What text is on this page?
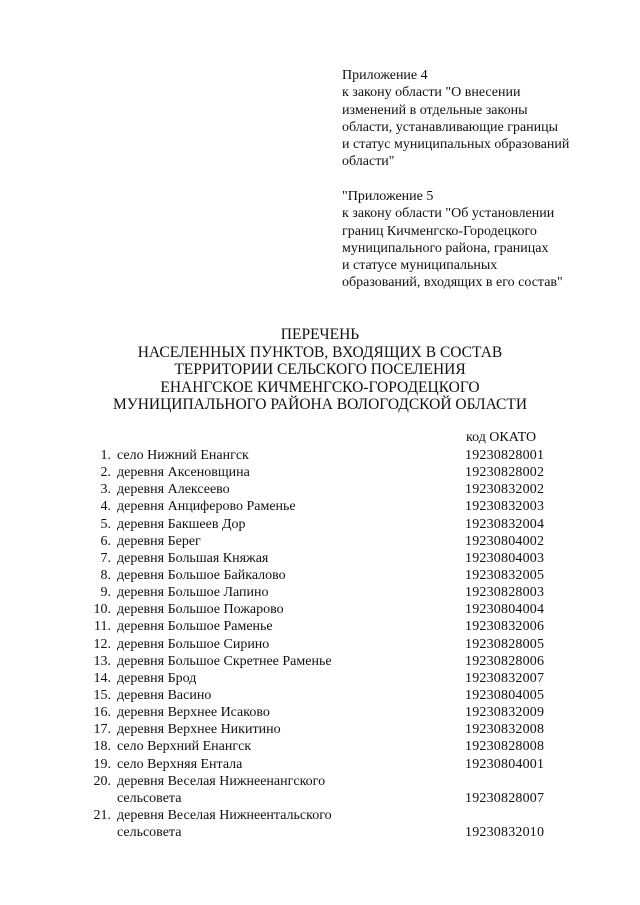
Приложение 4
к закону области "О внесении
изменений в отдельные законы
области, устанавливающие границы
и статус муниципальных образований
области"
"Приложение 5
к закону области "Об установлении
границ Кичменгско-Городецкого
муниципального района, границах
и статусе муниципальных
образований, входящих в его состав"
ПЕРЕЧЕНЬ
НАСЕЛЕННЫХ ПУНКТОВ, ВХОДЯЩИХ В СОСТАВ
ТЕРРИТОРИИ СЕЛЬСКОГО ПОСЕЛЕНИЯ
ЕНАНГСКОЕ КИЧМЕНГСКО-ГОРОДЕЦКОГО
МУНИЦИПАЛЬНОГО РАЙОНА ВОЛОГОДСКОЙ ОБЛАСТИ
код ОКАТО
1. село Нижний Енангск	19230828001
2. деревня Аксеновщина	19230828002
3. деревня Алексеево	19230832002
4. деревня Анциферово Раменье	19230832003
5. деревня Бакшеев Дор	19230832004
6. деревня Берег	19230804002
7. деревня Большая Княжая	19230804003
8. деревня Большое Байкалово	19230832005
9. деревня Большое Лапино	19230828003
10. деревня Большое Пожарово	19230804004
11. деревня Большое Раменье	19230832006
12. деревня Большое Сирино	19230828005
13. деревня Большое Скретнее Раменье	19230828006
14. деревня Брод	19230832007
15. деревня Васино	19230804005
16. деревня Верхнее Исаково	19230832009
17. деревня Верхнее Никитино	19230832008
18. село Верхний Енангск	19230828008
19. село Верхняя Ентала	19230804001
20. деревня Веселая Нижнеенангского сельсовета	19230828007
21. деревня Веселая Нижнеентальского сельсовета	19230832010
